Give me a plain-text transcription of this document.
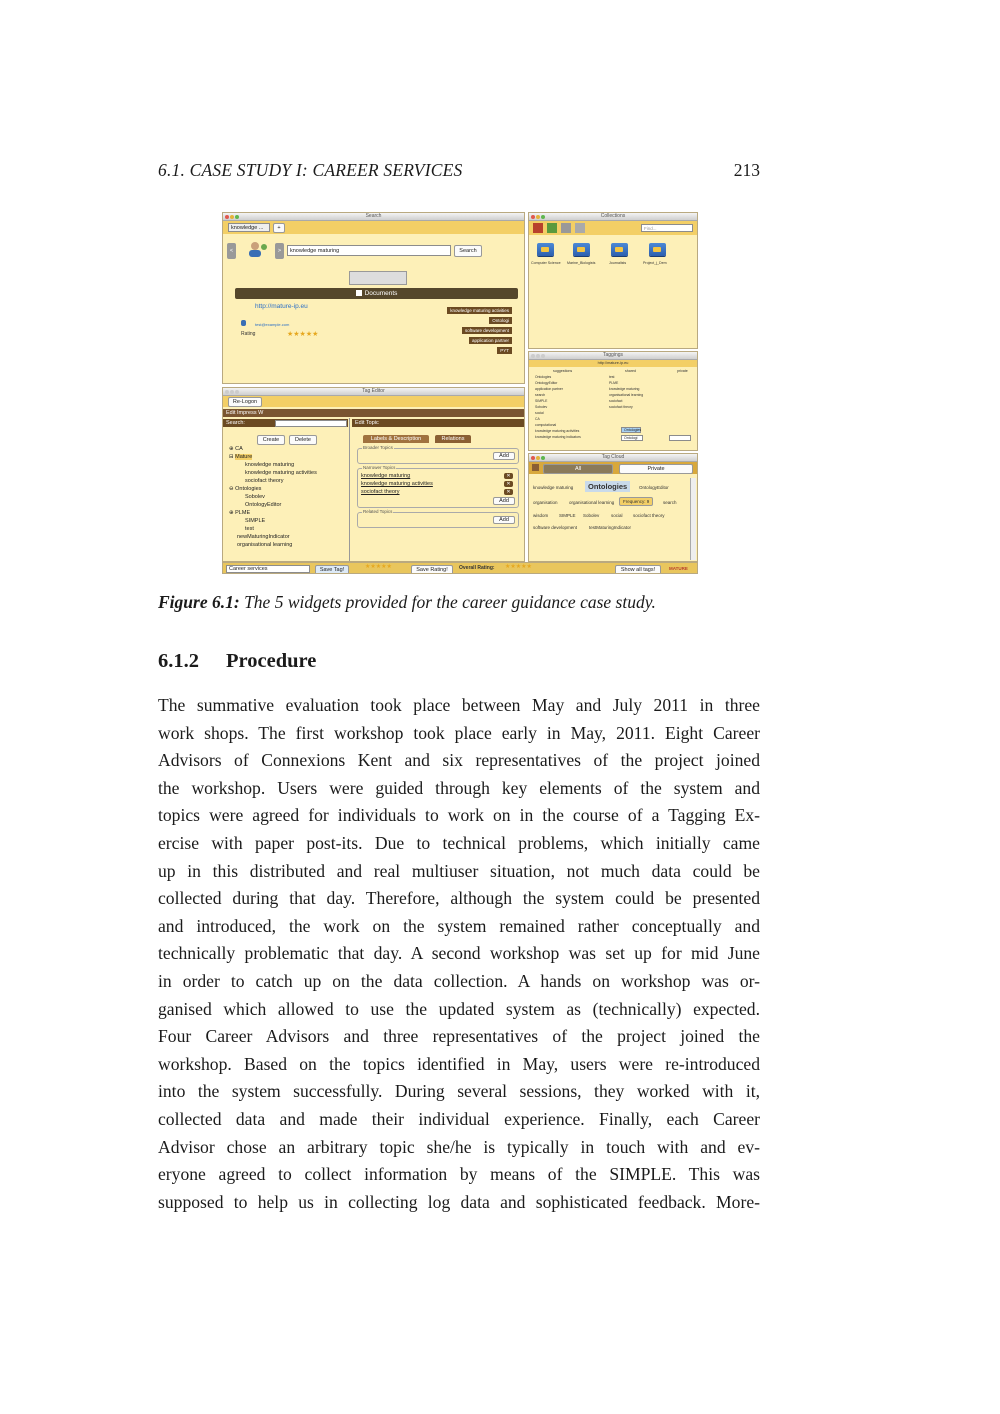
6.1. CASE STUDY I: CAREER SERVICES	213
Search
knowledge ...	+
<	>	knowledge maturing	Search
Documents
http://mature-ip.eu
test@example.com
Rating	★★★★★
knowledge maturing activities
Ontologi
software development
application partner
PYT
Collections
Find...
Computer Science Marine_Biologists	Journalists	Project_j_Dem
Tag Editor
Re-Logon
Edit Impress W
Search:
Create	Delete
⊕ CA
⊟ Mature
knowledge maturing
knowledge maturing activities
sociofact theory
⊖ Ontologies
Sobolev
OntologyEditor
⊕ PLME
SIMPLE
test
newMaturingIndicator
organisational learning
Edit Topic
Labels & Description	Relations
Broader Topics
Add
Narrower Topics
knowledge maturing
knowledge maturing activities
sociofact theory
✕
✕
✕
Add
Related Topics
Add
Taggings
http://mature-ip.eu
suggestions	shared	private
Ontologies
OntologyEditor
application partner
search
SIMPLE
Sobolev
social
CA
computational
knowledge maturing activities
knowledge maturing indicators
test
PLME
knowledge maturing
organisational learning
sociofact
sociofact theory
Ontologies
Ontologi
Tag Cloud
All	Private
knowledge maturing	Ontologies	OntologyEditor
organisation	organisational learning	Frequency: 9	search
wisdom SIMPLE Sobolev	social sociofact theory
software development	testMaturingIndicator
Career services	Save Tag!	★★★★★	Save Rating!	Overall Rating: ★★★★★	Show all tags!	MATURE
Figure 6.1: The 5 widgets provided for the career guidance case study.
6.1.2 Procedure
The summative evaluation took place between May and July 2011 in three
work shops. The first workshop took place early in May, 2011. Eight Career
Advisors of Connexions Kent and six representatives of the project joined
the workshop. Users were guided through key elements of the system and
topics were agreed for individuals to work on in the course of a Tagging Ex-
ercise with paper post-its. Due to technical problems, which initially came
up in this distributed and real multiuser situation, not much data could be
collected during that day. Therefore, although the system could be presented
and introduced, the work on the system remained rather conceptually and
technically problematic that day. A second workshop was set up for mid June
in order to catch up on the data collection. A hands on workshop was or-
ganised which allowed to use the updated system as (technically) expected.
Four Career Advisors and three representatives of the project joined the
workshop. Based on the topics identified in May, users were re-introduced
into the system successfully. During several sessions, they worked with it,
collected data and made their individual experience. Finally, each Career
Advisor chose an arbitrary topic she/he is typically in touch with and ev-
eryone agreed to collect information by means of the SIMPLE. This was
supposed to help us in collecting log data and sophisticated feedback. More-
